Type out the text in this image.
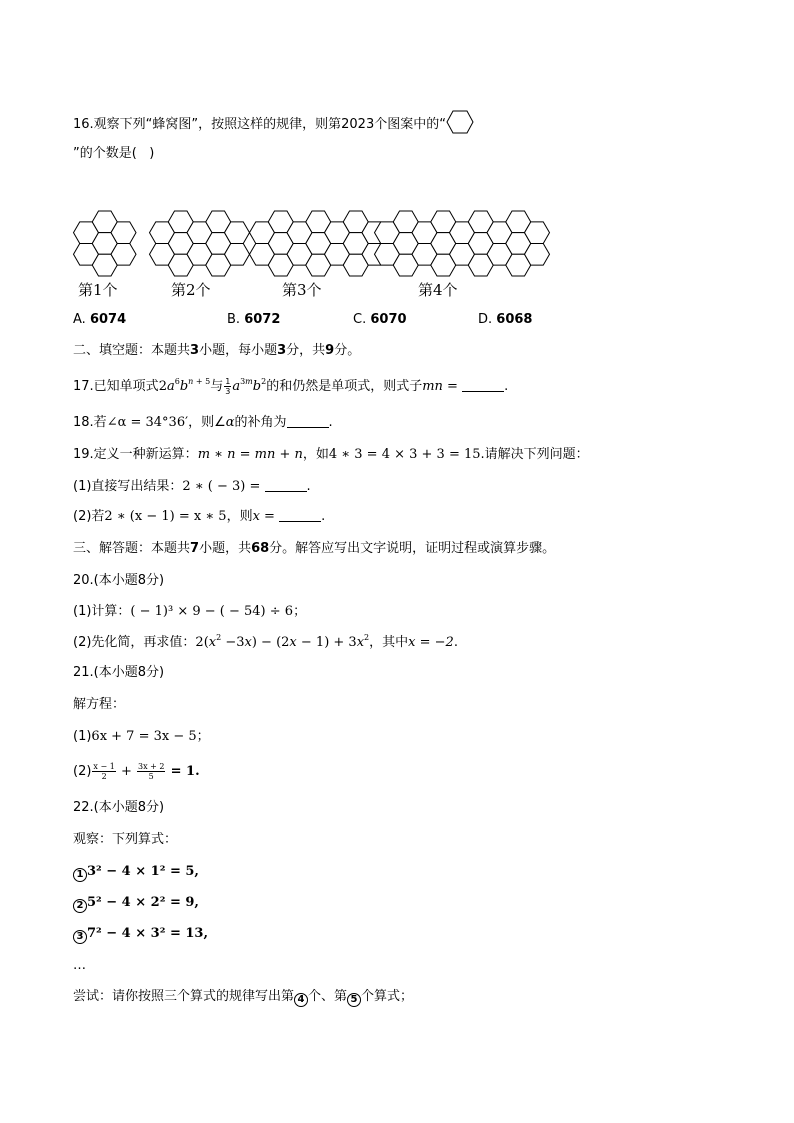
16.观察下列“蜂窝图”，按照这样的规律，则第2023个图案中的“
”的个数是( )
第1个	第2个	第3个	第4个
A. 6074	B. 6072	C. 6070	D. 6068
二、填空题：本题共3小题，每小题3分，共9分。
17.已知单项式$2a^6b^{n + 5}$与 $\frac{1}{3} a^{3m}b^2$的和仍然是单项式，则式子mn =	.
18.若∠α = 34°36′，则∠α的补角为	.
19.定义一种新运算：m ∗ n = mn + n，如4 ∗ 3 = 4 × 3 + 3 = 15.请解决下列问题：
(1)直接写出结果：2 ∗ ( − 3) =	.
(2)若2 ∗ (x − 1) = x ∗ 5，则x =	.
三、解答题：本题共7小题，共68分。解答应写出文字说明，证明过程或演算步骤。
20.(本小题8分)
(1)计算：( − 1)³ × 9 − ( − 54) ÷ 6；
(2)先化简，再求值：$2(x^2 -3x) - (2x - 1) + 3x^2$，其中x = −2.
21.(本小题8分)
解方程：
(1)6x + 7 = 3x − 5；
$(2) \frac{x - 1}{2} + \frac{3x + 2}{5} = 1$.
22.(本小题8分)
观察：下列算式：
1 3² − 4 × 1² = 5,
2 5² − 4 × 2² = 9,
3 7² − 4 × 3² = 13,
…
尝试：请你按照三个算式的规律写出第 4 个、第 5 个算式；
